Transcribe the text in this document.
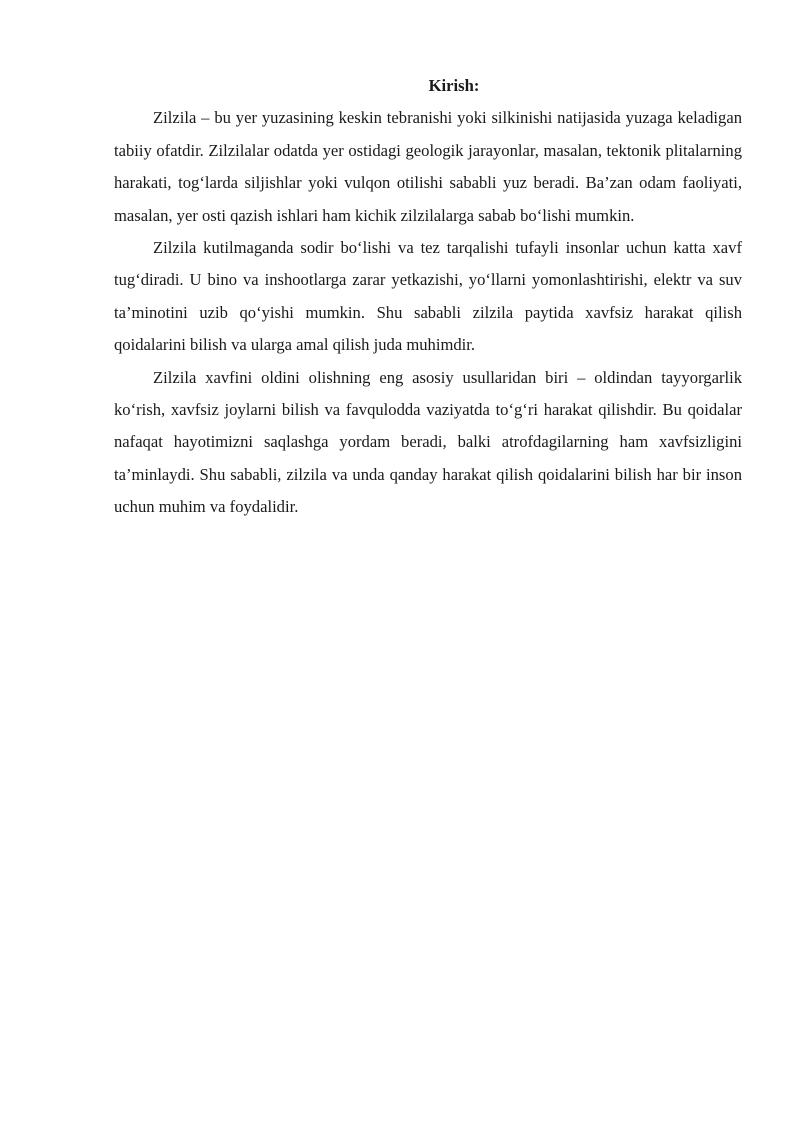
Kirish:

Zilzila – bu yer yuzasining keskin tebranishi yoki silkinishi natijasida yuzaga keladigan tabiiy ofatdir. Zilzilalar odatda yer ostidagi geologik jarayonlar, masalan, tektonik plitalarning harakati, tog‘larda siljishlar yoki vulqon otilishi sababli yuz beradi. Ba’zan odam faoliyati, masalan, yer osti qazish ishlari ham kichik zilzilalarga sabab bo‘lishi mumkin.

Zilzila kutilmaganda sodir bo‘lishi va tez tarqalishi tufayli insonlar uchun katta xavf tug‘diradi. U bino va inshootlarga zarar yetkazishi, yo‘llarni yomonlashtirishi, elektr va suv ta’minotini uzib qo‘yishi mumkin. Shu sababli zilzila paytida xavfsiz harakat qilish qoidalarini bilish va ularga amal qilish juda muhimdir.

Zilzila xavfini oldini olishning eng asosiy usullaridan biri – oldindan tayyorgarlik ko‘rish, xavfsiz joylarni bilish va favqulodda vaziyatda to‘g‘ri harakat qilishdir. Bu qoidalar nafaqat hayotimizni saqlashga yordam beradi, balki atrofdagilarning ham xavfsizligini ta’minlaydi. Shu sababli, zilzila va unda qanday harakat qilish qoidalarini bilish har bir inson uchun muhim va foydalidir.
